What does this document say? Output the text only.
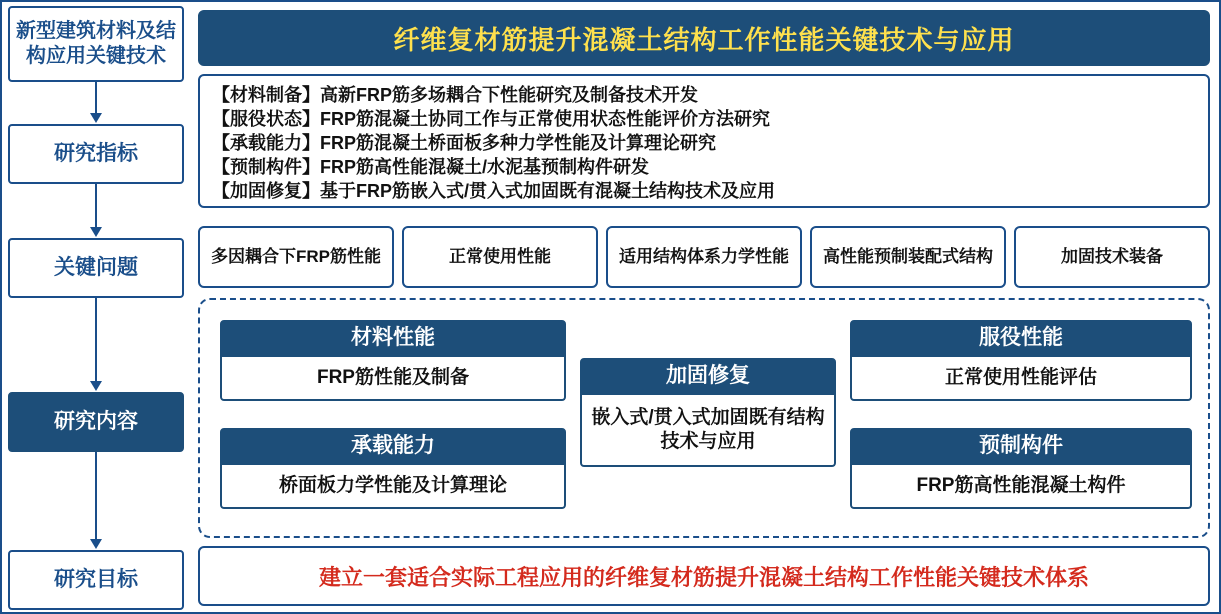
新型建筑材料及结构应用关键技术
研究指标
关键问题
研究内容
研究目标
纤维复材筋提升混凝土结构工作性能关键技术与应用
【材料制备】高新FRP筋多场耦合下性能研究及制备技术开发
【服役状态】FRP筋混凝土协同工作与正常使用状态性能评价方法研究
【承载能力】FRP筋混凝土桥面板多种力学性能及计算理论研究
【预制构件】FRP筋高性能混凝土/水泥基预制构件研发
【加固修复】基于FRP筋嵌入式/贯入式加固既有混凝土结构技术及应用
多因耦合下FRP筋性能	正常使用性能	适用结构体系力学性能	高性能预制装配式结构	加固技术装备
材料性能
FRP筋性能及制备
承载能力
桥面板力学性能及计算理论
加固修复
嵌入式/贯入式加固既有结构技术与应用
服役性能
正常使用性能评估
预制构件
FRP筋高性能混凝土构件
建立一套适合实际工程应用的纤维复材筋提升混凝土结构工作性能关键技术体系
